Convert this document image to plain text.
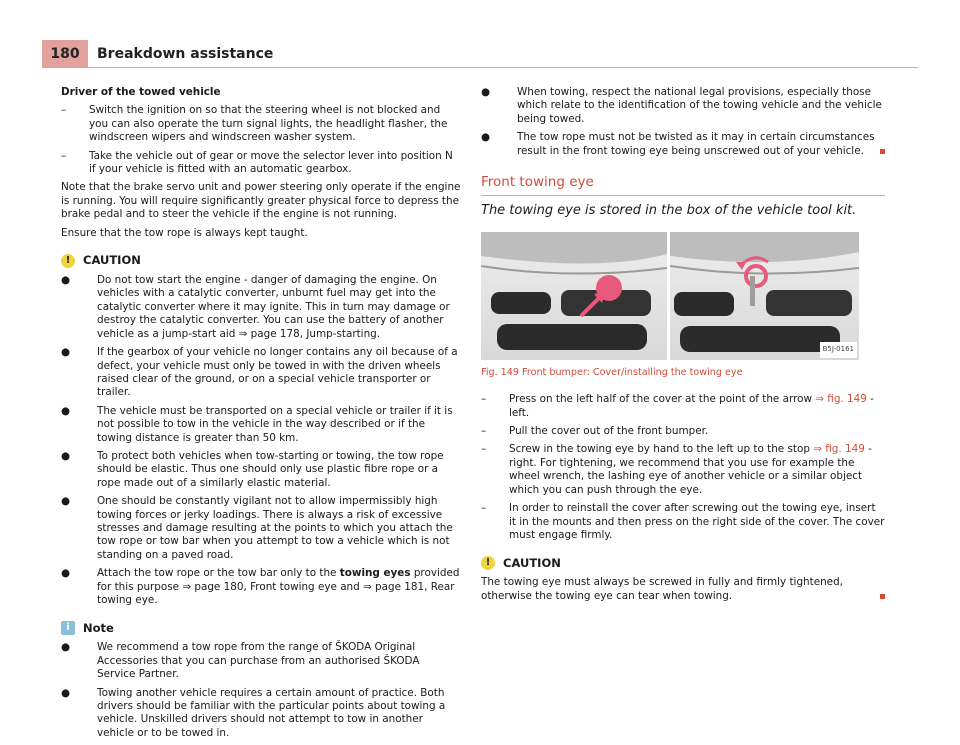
180	Breakdown assistance

Driver of the towed vehicle

–	Switch the ignition on so that the steering wheel is not blocked and you can also operate the turn signal lights, the headlight flasher, the windscreen wipers and windscreen washer system.
–	Take the vehicle out of gear or move the selector lever into position N if your vehicle is fitted with an automatic gearbox.

Note that the brake servo unit and power steering only operate if the engine is running. You will require significantly greater physical force to depress the brake pedal and to steer the vehicle if the engine is not running.

Ensure that the tow rope is always kept taught.

!	CAUTION
●	Do not tow start the engine - danger of damaging the engine. On vehicles with a catalytic converter, unburnt fuel may get into the catalytic converter where it may ignite. This in turn may damage or destroy the catalytic converter. You can use the battery of another vehicle as a jump-start aid ⇒ page 178, Jump-starting.
●	If the gearbox of your vehicle no longer contains any oil because of a defect, your vehicle must only be towed in with the driven wheels raised clear of the ground, or on a special vehicle transporter or trailer.
●	The vehicle must be transported on a special vehicle or trailer if it is not possible to tow in the vehicle in the way described or if the towing distance is greater than 50 km.
●	To protect both vehicles when tow-starting or towing, the tow rope should be elastic. Thus one should only use plastic fibre rope or a rope made out of a similarly elastic material.
●	One should be constantly vigilant not to allow impermissibly high towing forces or jerky loadings. There is always a risk of excessive stresses and damage resulting at the points to which you attach the tow rope or tow bar when you attempt to tow a vehicle which is not standing on a paved road.
●	Attach the tow rope or the tow bar only to the towing eyes provided for this purpose ⇒ page 180, Front towing eye and ⇒ page 181, Rear towing eye.
i	Note
●	We recommend a tow rope from the range of ŠKODA Original Accessories that you can purchase from an authorised ŠKODA Service Partner.
●	Towing another vehicle requires a certain amount of practice. Both drivers should be familiar with the particular points about towing a vehicle. Unskilled drivers should not attempt to tow in another vehicle or to be towed in.
●	When towing, respect the national legal provisions, especially those which relate to the identification of the towing vehicle and the vehicle being towed.
●	The tow rope must not be twisted as it may in certain circumstances result in the front towing eye being unscrewed out of your vehicle.
Front towing eye
The towing eye is stored in the box of the vehicle tool kit.
B5J-0161
Fig. 149 Front bumper: Cover/installing the towing eye
–	Press on the left half of the cover at the point of the arrow ⇒ fig. 149 - left.
–	Pull the cover out of the front bumper.
–	Screw in the towing eye by hand to the left up to the stop ⇒ fig. 149 - right. For tightening, we recommend that you use for example the wheel wrench, the lashing eye of another vehicle or a similar object which you can push through the eye.
–	In order to reinstall the cover after screwing out the towing eye, insert it in the mounts and then press on the right side of the cover. The cover must engage firmly.
!	CAUTION

The towing eye must always be screwed in fully and firmly tightened, otherwise the towing eye can tear when towing.
